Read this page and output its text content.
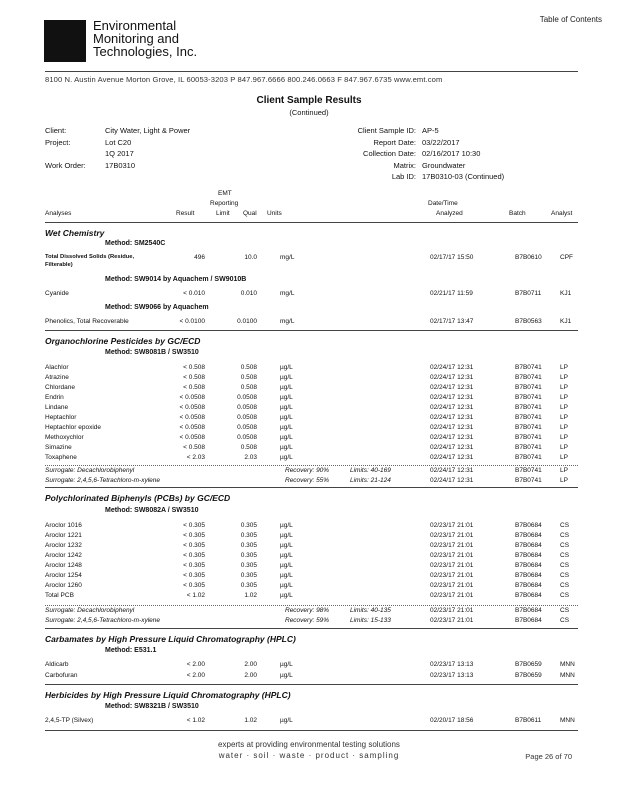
Table of Contents
Environmental
Monitoring and
Technologies, Inc.
8100 N. Austin Avenue Morton Grove, IL 60053-3203 P 847.967.6666 800.246.0663 F 847.967.6735 www.emt.com
Client Sample Results
(Continued)
Client:	City Water, Light & Power
Project:	Lot C20
1Q 2017
Work Order:	17B0310
Client Sample ID: AP-5
Report Date: 03/22/2017
Collection Date: 02/16/2017 10:30
Matrix: Groundwater
Lab ID: 17B0310-03 (Continued)
EMT
Reporting	Date/Time
Analyses	Result	Limit Qual Units	Analyzed	Batch	Analyst
Wet Chemistry
Method: SM2540C
Total Dissolved Solids (Residue, Filterable)
496	10.0	mg/L	02/17/17 15:50	B7B0610	CPF
Method: SW9014 by Aquachem / SW9010B
Cyanide	< 0.010	0.010	mg/L	02/21/17 11:59	B7B0711	KJ1
Method: SW9066 by Aquachem
Phenolics, Total Recoverable	< 0.0100	0.0100	mg/L	02/17/17 13:47	B7B0563	KJ1
Organochlorine Pesticides by GC/ECD
Method: SW8081B / SW3510
Alachlor	< 0.508	0.508	µg/L	02/24/17 12:31	B7B0741	LP
Atrazine	< 0.508	0.508	µg/L	02/24/17 12:31	B7B0741	LP
Chlordane	< 0.508	0.508	µg/L	02/24/17 12:31	B7B0741	LP
Endrin	< 0.0508	0.0508	µg/L	02/24/17 12:31	B7B0741	LP
Lindane	< 0.0508	0.0508	µg/L	02/24/17 12:31	B7B0741	LP
Heptachlor	< 0.0508	0.0508	µg/L	02/24/17 12:31	B7B0741	LP
Heptachlor epoxide	< 0.0508	0.0508	µg/L	02/24/17 12:31	B7B0741	LP
Methoxychlor	< 0.0508	0.0508	µg/L	02/24/17 12:31	B7B0741	LP
Simazine	< 0.508	0.508	µg/L	02/24/17 12:31	B7B0741	LP
Toxaphene	< 2.03	2.03	µg/L	02/24/17 12:31	B7B0741	LP
Surrogate: Decachlorobiphenyl	Recovery: 90%	Limits: 40-169	02/24/17 12:31	B7B0741	LP
Surrogate: 2,4,5,6-Tetrachloro-m-xylene	Recovery: 55%	Limits: 21-124	02/24/17 12:31	B7B0741	LP
Polychlorinated Biphenyls (PCBs) by GC/ECD
Method: SW8082A / SW3510
Aroclor 1016	< 0.305	0.305	µg/L	02/23/17 21:01	B7B0684	CS
Aroclor 1221	< 0.305	0.305	µg/L	02/23/17 21:01	B7B0684	CS
Aroclor 1232	< 0.305	0.305	µg/L	02/23/17 21:01	B7B0684	CS
Aroclor 1242	< 0.305	0.305	µg/L	02/23/17 21:01	B7B0684	CS
Aroclor 1248	< 0.305	0.305	µg/L	02/23/17 21:01	B7B0684	CS
Aroclor 1254	< 0.305	0.305	µg/L	02/23/17 21:01	B7B0684	CS
Aroclor 1260	< 0.305	0.305	µg/L	02/23/17 21:01	B7B0684	CS
Total PCB	< 1.02	1.02	µg/L	02/23/17 21:01	B7B0684	CS
Surrogate: Decachlorobiphenyl	Recovery: 98%	Limits: 40-135	02/23/17 21:01	B7B0684	CS
Surrogate: 2,4,5,6-Tetrachloro-m-xylene	Recovery: 59%	Limits: 15-133	02/23/17 21:01	B7B0684	CS
Carbamates by High Pressure Liquid Chromatography (HPLC)
Method: E531.1
Aldicarb	< 2.00	2.00	µg/L	02/23/17 13:13	B7B0659	MNN
Carbofuran	< 2.00	2.00	µg/L	02/23/17 13:13	B7B0659	MNN
Herbicides by High Pressure Liquid Chromatography (HPLC)
Method: SW8321B / SW3510
2,4,5-TP (Silvex)	< 1.02	1.02	µg/L	02/20/17 18:56	B7B0611	MNN
experts at providing environmental testing solutions
water · soil · waste · product · sampling	Page 26 of 70
